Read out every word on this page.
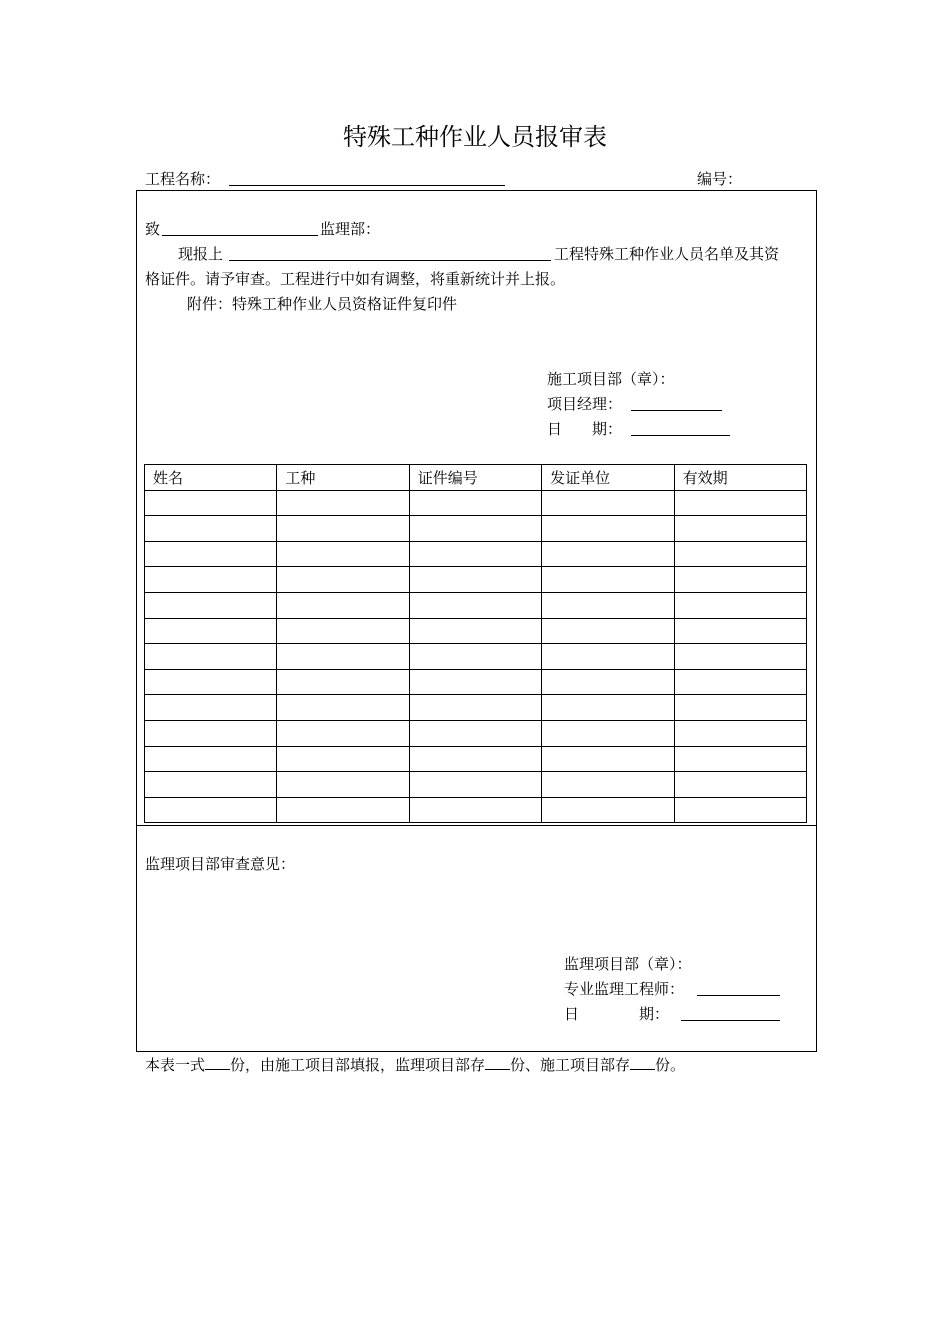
特殊工种作业人员报审表
工程名称：	编号：
致	监理部：
现报上	工程特殊工种作业人员名单及其资
格证件。请予审查。工程进行中如有调整，将重新统计并上报。
附件：特殊工种作业人员资格证件复印件
施工项目部（章）：
项目经理：
日　　期：
姓名	工种	证件编号	发证单位	有效期

监理项目部审查意见：
监理项目部（章）：
专业监理工程师：
日　　　　期：
本表一式 份，由施工项目部填报，监理项目部存 份、施工项目部存 份。
